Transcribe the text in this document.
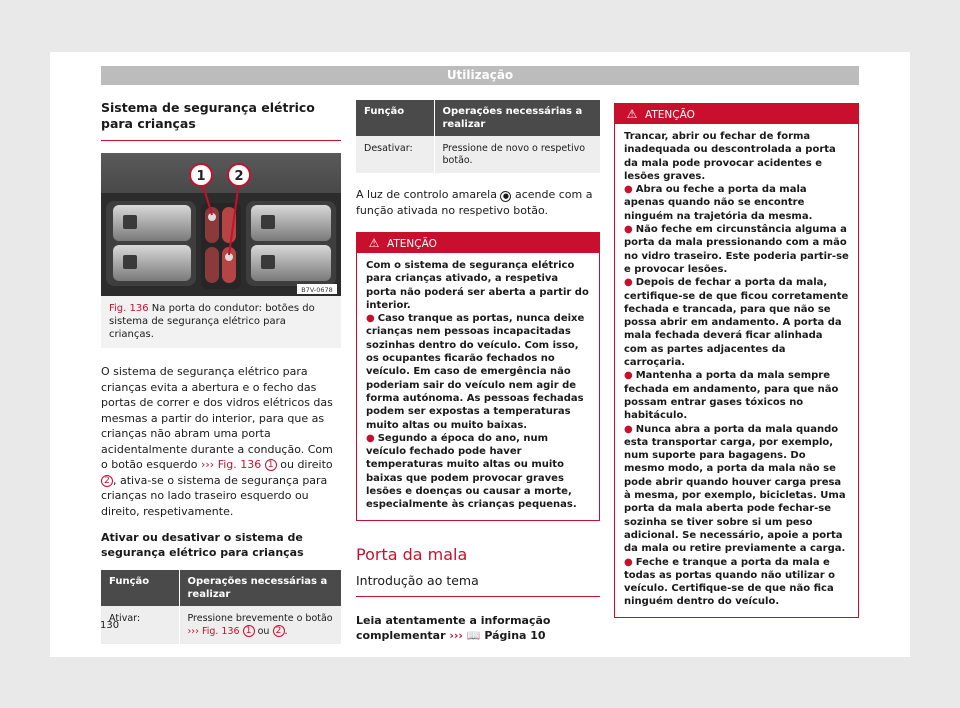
Utilização
Sistema de segurança elétrico para crianças
1 2
B7V-0678
Fig. 136 Na porta do condutor: botões do sistema de segurança elétrico para crianças.

O sistema de segurança elétrico para crianças evita a abertura e o fecho das portas de correr e dos vidros elétricos das mesmas a partir do interior, para que as crianças não abram uma porta acidentalmente durante a condução. Com o botão esquerdo ››› Fig. 136 1 ou direito 2 , ativa-se o sistema de segurança para crianças no lado traseiro esquerdo ou direito, respetivamente.

Ativar ou desativar o sistema de segurança elétrico para crianças
Função	Operações necessárias a realizar
Ativar:	Pressione brevemente o botão
››› Fig. 136 1 ou 2 .
Função	Operações necessárias a realizar
Desativar:	Pressione de novo o respetivo botão.

A luz de controlo amarela ● acende com a função ativada no respetivo botão.

⚠ ATENÇÃO
Com o sistema de segurança elétrico para crianças ativado, a respetiva porta não poderá ser aberta a partir do interior.
● Caso tranque as portas, nunca deixe crianças nem pessoas incapacitadas sozinhas dentro do veículo. Com isso, os ocupantes ficarão fechados no veículo. Em caso de emergência não poderiam sair do veículo nem agir de forma autónoma. As pessoas fechadas podem ser expostas a temperaturas muito altas ou muito baixas.
● Segundo a época do ano, num veículo fechado pode haver temperaturas muito altas ou muito baixas que podem provocar graves lesões e doenças ou causar a morte, especialmente às crianças pequenas.
Porta da mala
Introdução ao tema

Leia atentamente a informação complementar ››› 📖 Página 10

⚠ ATENÇÃO
Trancar, abrir ou fechar de forma inadequada ou descontrolada a porta da mala pode provocar acidentes e lesões graves.
● Abra ou feche a porta da mala apenas quando não se encontre ninguém na trajetória da mesma.
● Não feche em circunstância alguma a porta da mala pressionando com a mão no vidro traseiro. Este poderia partir-se e provocar lesões.
● Depois de fechar a porta da mala, certifique-se de que ficou corretamente fechada e trancada, para que não se possa abrir em andamento. A porta da mala fechada deverá ficar alinhada com as partes adjacentes da carroçaria.
● Mantenha a porta da mala sempre fechada em andamento, para que não possam entrar gases tóxicos no habitáculo.
● Nunca abra a porta da mala quando esta transportar carga, por exemplo, num suporte para bagagens. Do mesmo modo, a porta da mala não se pode abrir quando houver carga presa à mesma, por exemplo, bicicletas. Uma porta da mala aberta pode fechar-se sozinha se tiver sobre si um peso adicional. Se necessário, apoie a porta da mala ou retire previamente a carga.
● Feche e tranque a porta da mala e todas as portas quando não utilizar o veículo. Certifique-se de que não fica ninguém dentro do veículo.
130
